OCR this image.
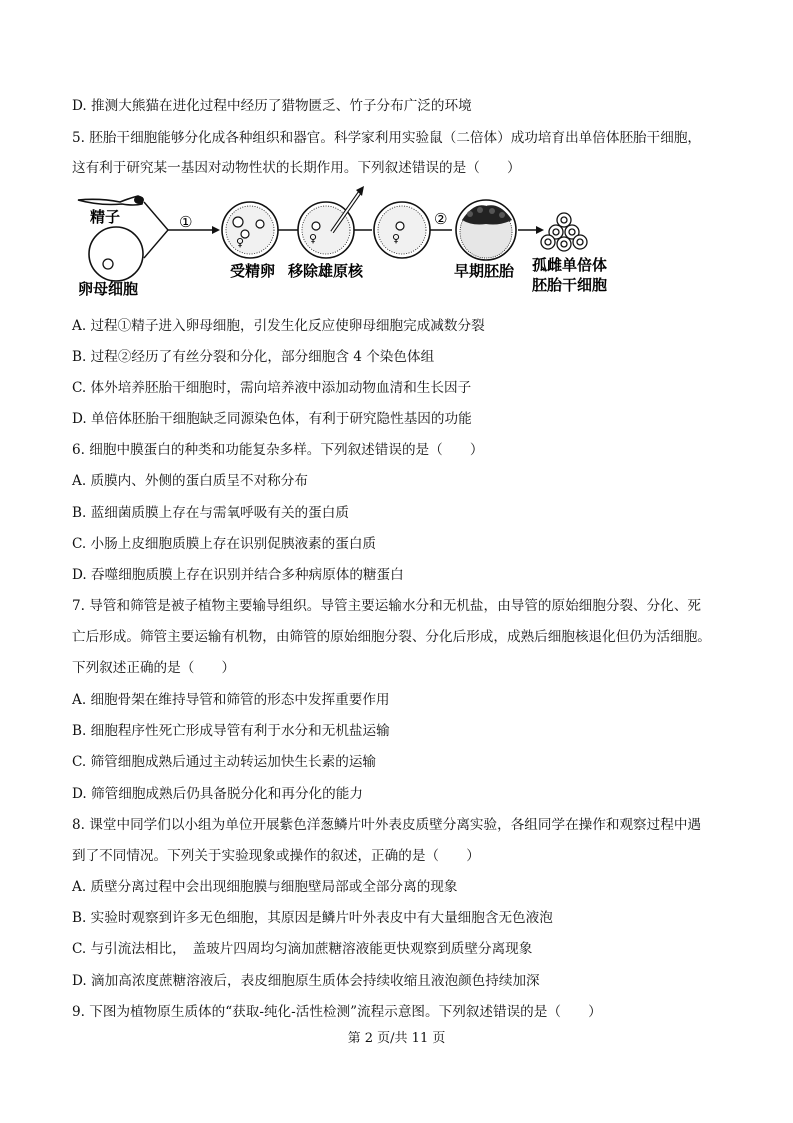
D. 推测大熊猫在进化过程中经历了猎物匮乏、竹子分布广泛的环境
5. 胚胎干细胞能够分化成各种组织和器官。科学家利用实验鼠（二倍体）成功培育出单倍体胚胎干细胞，
这有利于研究某一基因对动物性状的长期作用。下列叙述错误的是（　　）
精子
卵母细胞
①
♀
受精卵
♀
移除雄原核
♀
②
早期胚胎 孤雌单倍体
胚胎干细胞
A. 过程①精子进入卵母细胞，引发生化反应使卵母细胞完成减数分裂
B. 过程②经历了有丝分裂和分化，部分细胞含 4 个染色体组
C. 体外培养胚胎干细胞时，需向培养液中添加动物血清和生长因子
D. 单倍体胚胎干细胞缺乏同源染色体，有利于研究隐性基因的功能
6. 细胞中膜蛋白的种类和功能复杂多样。下列叙述错误的是（　　）
A. 质膜内、外侧的蛋白质呈不对称分布
B. 蓝细菌质膜上存在与需氧呼吸有关的蛋白质
C. 小肠上皮细胞质膜上存在识别促胰液素的蛋白质
D. 吞噬细胞质膜上存在识别并结合多种病原体的糖蛋白
7. 导管和筛管是被子植物主要输导组织。导管主要运输水分和无机盐，由导管的原始细胞分裂、分化、死
亡后形成。筛管主要运输有机物，由筛管的原始细胞分裂、分化后形成，成熟后细胞核退化但仍为活细胞。
下列叙述正确的是（　　）
A. 细胞骨架在维持导管和筛管的形态中发挥重要作用
B. 细胞程序性死亡形成导管有利于水分和无机盐运输
C. 筛管细胞成熟后通过主动转运加快生长素的运输
D. 筛管细胞成熟后仍具备脱分化和再分化的能力
8. 课堂中同学们以小组为单位开展紫色洋葱鳞片叶外表皮质壁分离实验，各组同学在操作和观察过程中遇
到了不同情况。下列关于实验现象或操作的叙述，正确的是（　　）
A. 质壁分离过程中会出现细胞膜与细胞壁局部或全部分离的现象
B. 实验时观察到许多无色细胞，其原因是鳞片叶外表皮中有大量细胞含无色液泡
C. 与引流法相比，　盖玻片四周均匀滴加蔗糖溶液能更快观察到质壁分离现象
D. 滴加高浓度蔗糖溶液后，表皮细胞原生质体会持续收缩且液泡颜色持续加深
9. 下图为植物原生质体的“获取-纯化-活性检测”流程示意图。下列叙述错误的是（　　）
第 2 页/共 11 页
